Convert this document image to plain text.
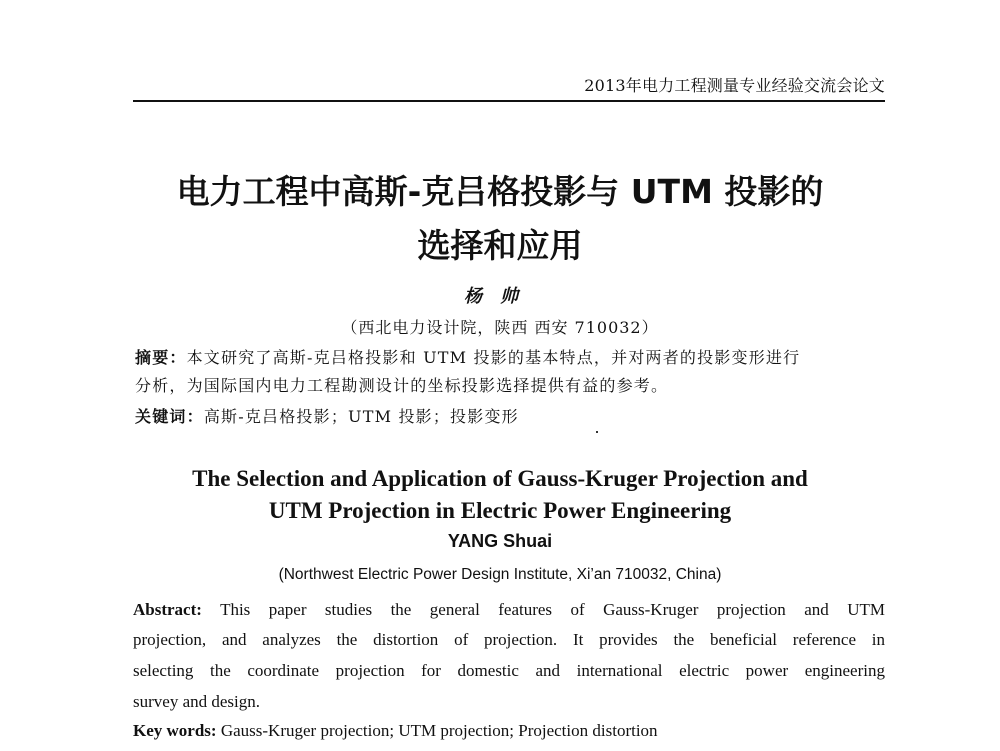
2013年电力工程测量专业经验交流会论文
电力工程中高斯-克吕格投影与 UTM 投影的
选择和应用
杨帅
（西北电力设计院，陕西 西安 710032）
摘要：本文研究了高斯-克吕格投影和 UTM 投影的基本特点，并对两者的投影变形进行
分析，为国际国内电力工程勘测设计的坐标投影选择提供有益的参考。
关键词：高斯-克吕格投影；UTM 投影；投影变形
The Selection and Application of Gauss-Kruger Projection and
UTM Projection in Electric Power Engineering
YANG Shuai
(Northwest Electric Power Design Institute, Xi’an 710032, China)
Abstract: This paper studies the general features of Gauss-Kruger projection and UTM
projection, and analyzes the distortion of projection. It provides the beneficial reference in
selecting the coordinate projection for domestic and international electric power engineering
survey and design.
Key words: Gauss-Kruger projection; UTM projection; Projection distortion
